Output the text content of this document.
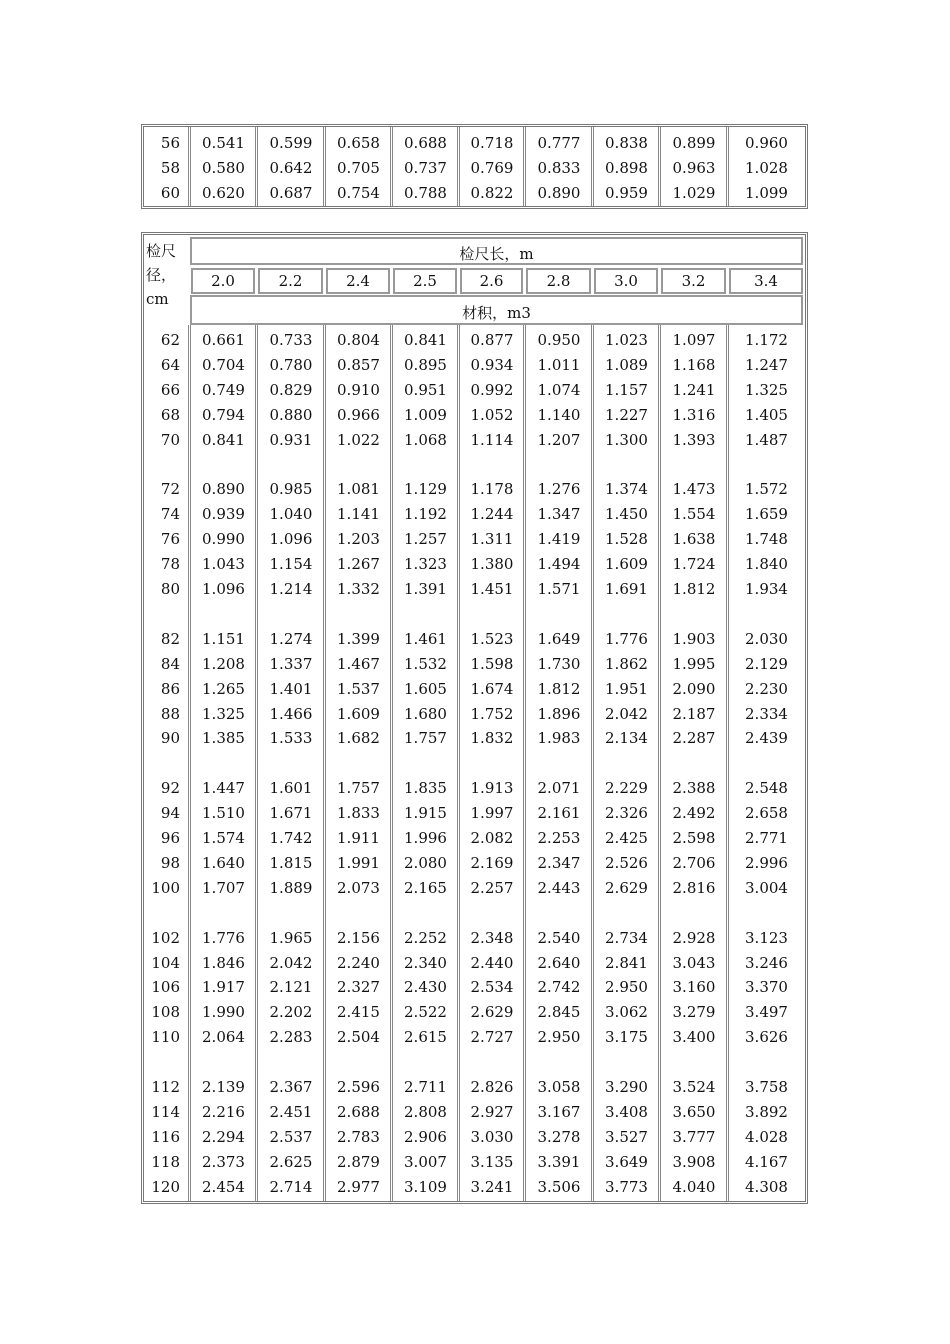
56	0.541	0.599	0.658	0.688	0.718	0.777	0.838	0.899	0.960
58	0.580	0.642	0.705	0.737	0.769	0.833	0.898	0.963	1.028
60	0.620	0.687	0.754	0.788	0.822	0.890	0.959	1.029	1.099
检尺径，cm
检尺长，m
材积，m3
2.0	2.2	2.4	2.5	2.6	2.8	3.0	3.2	3.4
62	0.661	0.733	0.804	0.841	0.877	0.950	1.023	1.097	1.172
64	0.704	0.780	0.857	0.895	0.934	1.011	1.089	1.168	1.247
66	0.749	0.829	0.910	0.951	0.992	1.074	1.157	1.241	1.325
68	0.794	0.880	0.966	1.009	1.052	1.140	1.227	1.316	1.405
70	0.841	0.931	1.022	1.068	1.114	1.207	1.300	1.393	1.487
72	0.890	0.985	1.081	1.129	1.178	1.276	1.374	1.473	1.572
74	0.939	1.040	1.141	1.192	1.244	1.347	1.450	1.554	1.659
76	0.990	1.096	1.203	1.257	1.311	1.419	1.528	1.638	1.748
78	1.043	1.154	1.267	1.323	1.380	1.494	1.609	1.724	1.840
80	1.096	1.214	1.332	1.391	1.451	1.571	1.691	1.812	1.934
82	1.151	1.274	1.399	1.461	1.523	1.649	1.776	1.903	2.030
84	1.208	1.337	1.467	1.532	1.598	1.730	1.862	1.995	2.129
86	1.265	1.401	1.537	1.605	1.674	1.812	1.951	2.090	2.230
88	1.325	1.466	1.609	1.680	1.752	1.896	2.042	2.187	2.334
90	1.385	1.533	1.682	1.757	1.832	1.983	2.134	2.287	2.439
92	1.447	1.601	1.757	1.835	1.913	2.071	2.229	2.388	2.548
94	1.510	1.671	1.833	1.915	1.997	2.161	2.326	2.492	2.658
96	1.574	1.742	1.911	1.996	2.082	2.253	2.425	2.598	2.771
98	1.640	1.815	1.991	2.080	2.169	2.347	2.526	2.706	2.996
100	1.707	1.889	2.073	2.165	2.257	2.443	2.629	2.816	3.004
102	1.776	1.965	2.156	2.252	2.348	2.540	2.734	2.928	3.123
104	1.846	2.042	2.240	2.340	2.440	2.640	2.841	3.043	3.246
106	1.917	2.121	2.327	2.430	2.534	2.742	2.950	3.160	3.370
108	1.990	2.202	2.415	2.522	2.629	2.845	3.062	3.279	3.497
110	2.064	2.283	2.504	2.615	2.727	2.950	3.175	3.400	3.626
112	2.139	2.367	2.596	2.711	2.826	3.058	3.290	3.524	3.758
114	2.216	2.451	2.688	2.808	2.927	3.167	3.408	3.650	3.892
116	2.294	2.537	2.783	2.906	3.030	3.278	3.527	3.777	4.028
118	2.373	2.625	2.879	3.007	3.135	3.391	3.649	3.908	4.167
120	2.454	2.714	2.977	3.109	3.241	3.506	3.773	4.040	4.308
